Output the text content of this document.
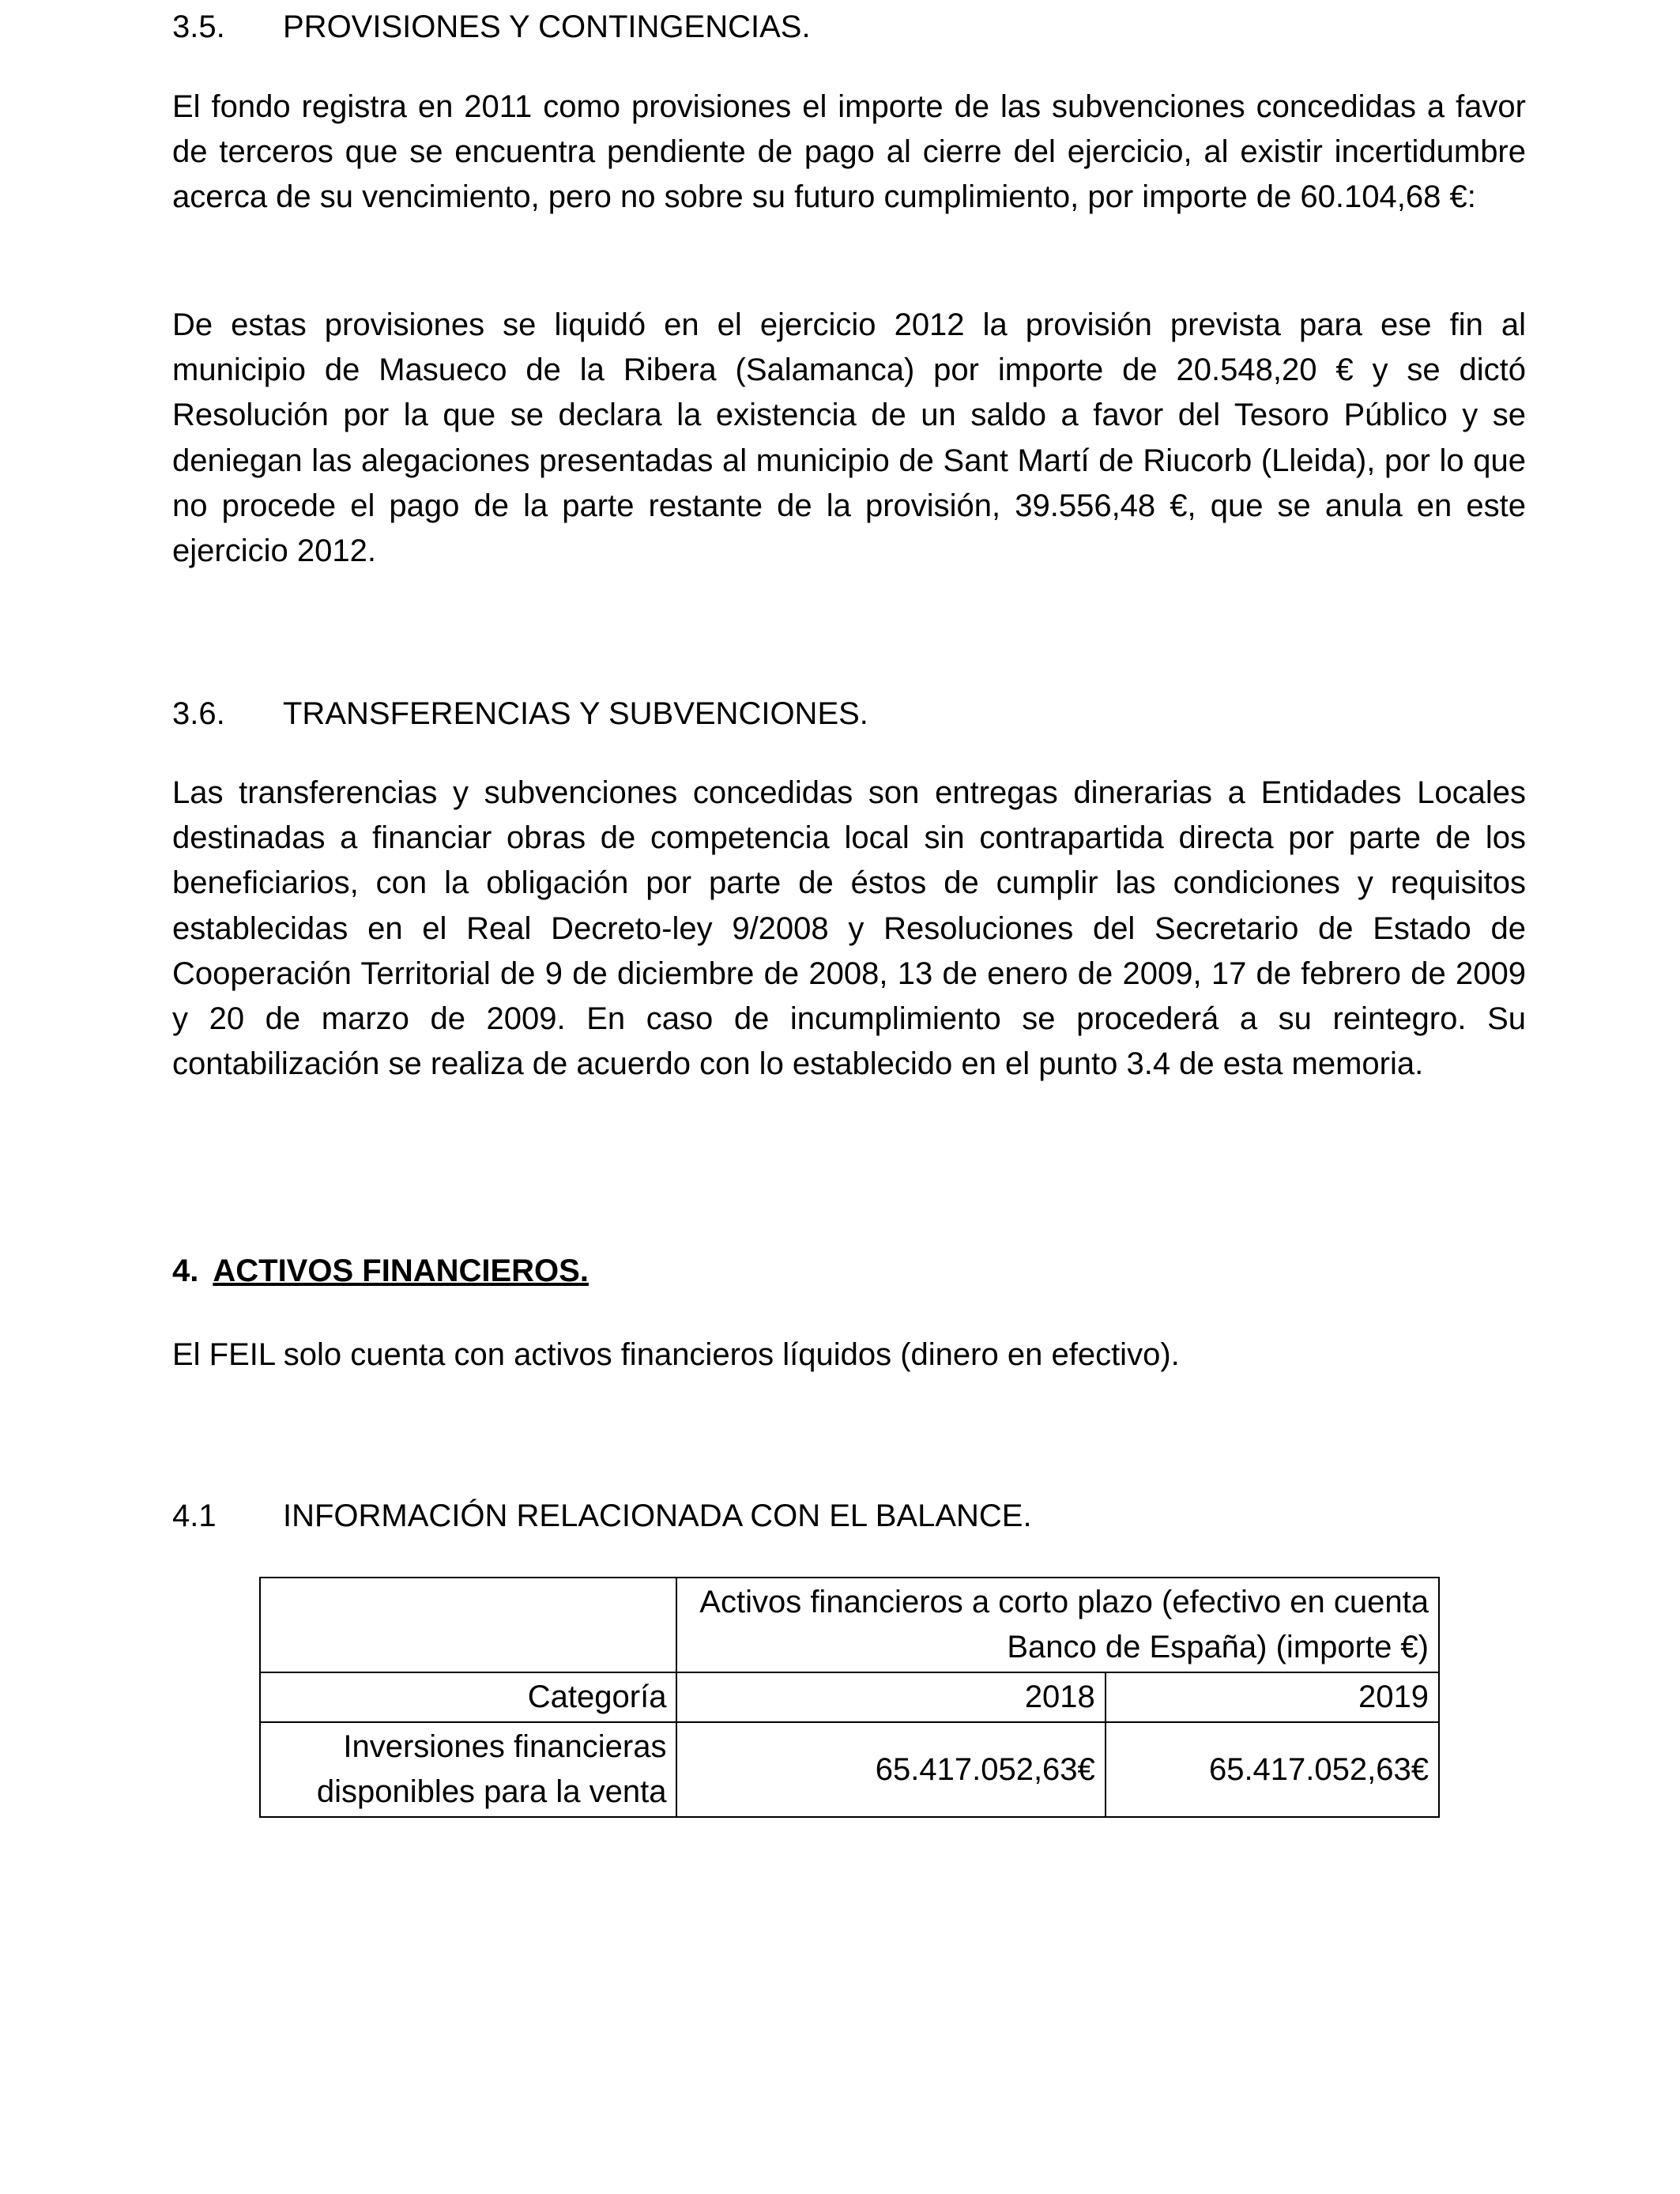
3.5. PROVISIONES Y CONTINGENCIAS.

El fondo registra en 2011 como provisiones el importe de las subvenciones concedidas a favor de terceros que se encuentra pendiente de pago al cierre del ejercicio, al existir incertidumbre acerca de su vencimiento, pero no sobre su futuro cumplimiento, por importe de 60.104,68 €:

De estas provisiones se liquidó en el ejercicio 2012 la provisión prevista para ese fin al municipio de Masueco de la Ribera (Salamanca) por importe de 20.548,20 € y se dictó Resolución por la que se declara la existencia de un saldo a favor del Tesoro Público y se deniegan las alegaciones presentadas al municipio de Sant Martí de Riucorb (Lleida), por lo que no procede el pago de la parte restante de la provisión, 39.556,48 €, que se anula en este ejercicio 2012.

3.6. TRANSFERENCIAS Y SUBVENCIONES.

Las transferencias y subvenciones concedidas son entregas dinerarias a Entidades Locales destinadas a financiar obras de competencia local sin contrapartida directa por parte de los beneficiarios, con la obligación por parte de éstos de cumplir las condiciones y requisitos establecidas en el Real Decreto-ley 9/2008 y Resoluciones del Secretario de Estado de Cooperación Territorial de 9 de diciembre de 2008, 13 de enero de 2009, 17 de febrero de 2009 y 20 de marzo de 2009. En caso de incumplimiento se procederá a su reintegro. Su contabilización se realiza de acuerdo con lo establecido en el punto 3.4 de esta memoria.

4. ACTIVOS FINANCIEROS.

El FEIL solo cuenta con activos financieros líquidos (dinero en efectivo).

4.1 INFORMACIÓN RELACIONADA CON EL BALANCE.
	Activos financieros a corto plazo (efectivo en cuenta Banco de España) (importe €)	
Categoría	2018	2019
Inversiones financieras disponibles para la venta	65.417.052,63€	65.417.052,63€
